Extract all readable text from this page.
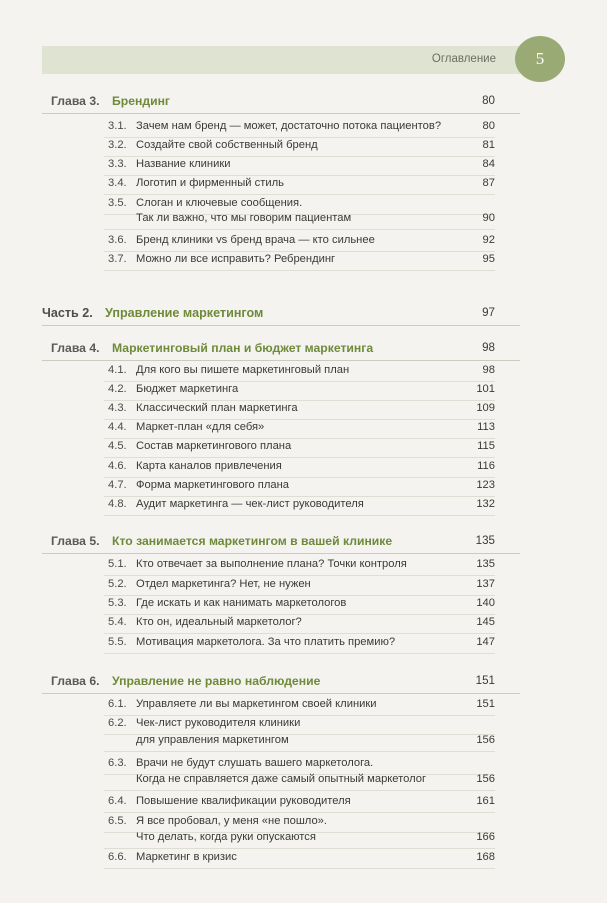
Оглавление	5
Глава 3. Брендинг	80
3.1. Зачем нам бренд — может, достаточно потока пациентов?	80
3.2. Создайте свой собственный бренд	81
3.3. Название клиники	84
3.4. Логотип и фирменный стиль	87
3.5. Слоган и ключевые сообщения.
Так ли важно, что мы говорим пациентам	90
3.6. Бренд клиники vs бренд врача — кто сильнее	92
3.7. Можно ли все исправить? Ребрендинг	95
Часть 2. Управление маркетингом	97
Глава 4. Маркетинговый план и бюджет маркетинга	98
4.1. Для кого вы пишете маркетинговый план	98
4.2. Бюджет маркетинга	101
4.3. Классический план маркетинга	109
4.4. Маркет-план «для себя»	113
4.5. Состав маркетингового плана	115
4.6. Карта каналов привлечения	116
4.7. Форма маркетингового плана	123
4.8. Аудит маркетинга — чек-лист руководителя	132
Глава 5. Кто занимается маркетингом в вашей клинике	135
5.1. Кто отвечает за выполнение плана? Точки контроля	135
5.2. Отдел маркетинга? Нет, не нужен	137
5.3. Где искать и как нанимать маркетологов	140
5.4. Кто он, идеальный маркетолог?	145
5.5. Мотивация маркетолога. За что платить премию?	147
Глава 6. Управление не равно наблюдение	151
6.1. Управляете ли вы маркетингом своей клиники	151
6.2. Чек-лист руководителя клиники
для управления маркетингом	156
6.3. Врачи не будут слушать вашего маркетолога.
Когда не справляется даже самый опытный маркетолог	156
6.4. Повышение квалификации руководителя	161
6.5. Я все пробовал, у меня «не пошло».
Что делать, когда руки опускаются	166
6.6. Маркетинг в кризис	168
